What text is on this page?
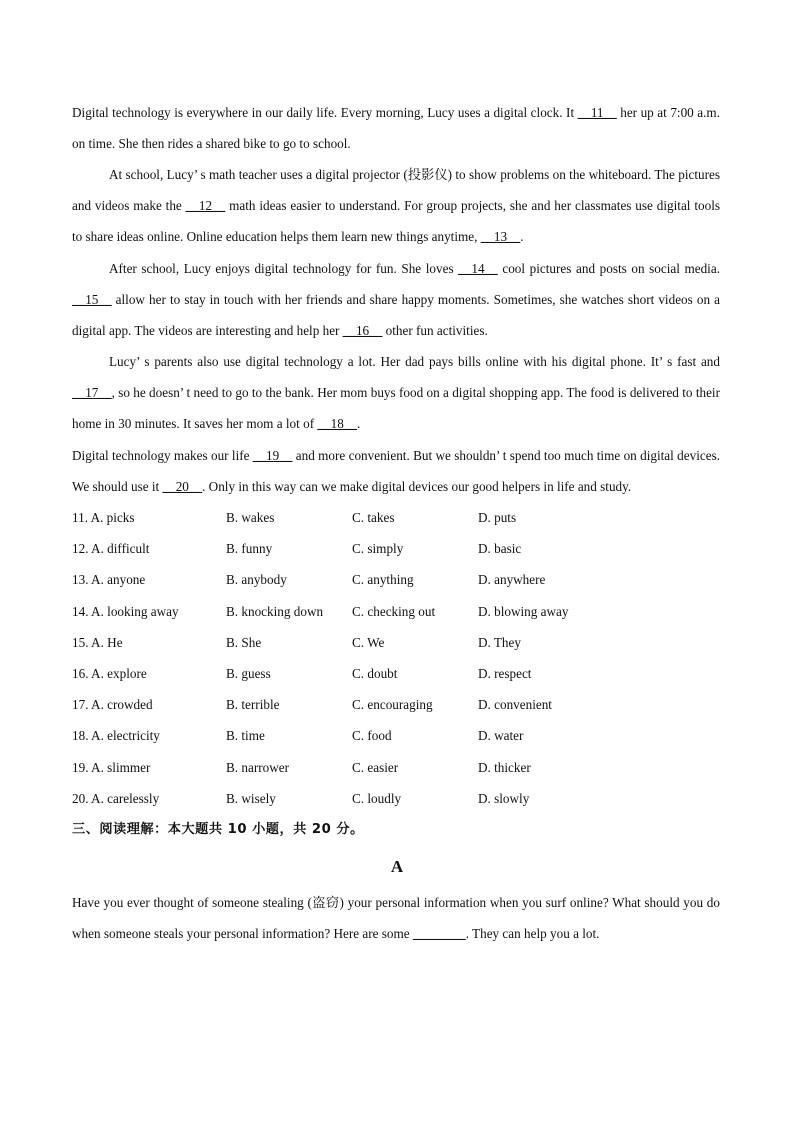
Digital technology is everywhere in our daily life. Every morning, Lucy uses a digital clock. It __11__ her up at 7:00 a.m. on time. She then rides a shared bike to go to school.

At school, Lucy’ s math teacher uses a digital projector (投影仪) to show problems on the whiteboard. The pictures and videos make the __12__ math ideas easier to understand. For group projects, she and her classmates use digital tools to share ideas online. Online education helps them learn new things anytime, __13__.

After school, Lucy enjoys digital technology for fun. She loves __14__ cool pictures and posts on social media. __15__ allow her to stay in touch with her friends and share happy moments. Sometimes, she watches short videos on a digital app. The videos are interesting and help her __16__ other fun activities.

Lucy’ s parents also use digital technology a lot. Her dad pays bills online with his digital phone. It’ s fast and __17__, so he doesn’ t need to go to the bank. Her mom buys food on a digital shopping app. The food is delivered to their home in 30 minutes. It saves her mom a lot of __18__.

Digital technology makes our life __19__ and more convenient. But we shouldn’ t spend too much time on digital devices. We should use it __20__. Only in this way can we make digital devices our good helpers in life and study.

11. A. picks	B. wakes	C. takes	D. puts
12. A. difficult	B. funny	C. simply	D. basic
13. A. anyone	B. anybody	C. anything	D. anywhere
14. A. looking away	B. knocking down C. checking out	D. blowing away
15. A. He	B. She	C. We	D. They
16. A. explore	B. guess	C. doubt	D. respect
17. A. crowded	B. terrible	C. encouraging	D. convenient
18. A. electricity	B. time	C. food	D. water
19. A. slimmer	B. narrower	C. easier	D. thicker
20. A. carelessly	B. wisely	C. loudly	D. slowly
三、阅读理解：本大题共 10 小题，共 20 分。
A

Have you ever thought of someone stealing (盗窃) your personal information when you surf online? What should you do when someone steals your personal information? Here are some ________. They can help you a lot.
